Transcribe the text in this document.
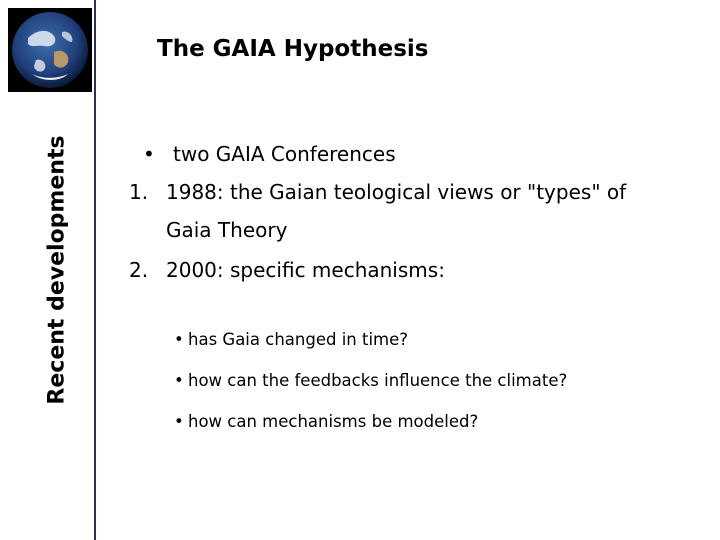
Recent developments
The GAIA Hypothesis
• two GAIA Conferences
1. 1988: the Gaian teological views or "types" of
Gaia Theory
2. 2000: specific mechanisms:
• has Gaia changed in time?
• how can the feedbacks influence the climate?
• how can mechanisms be modeled?
